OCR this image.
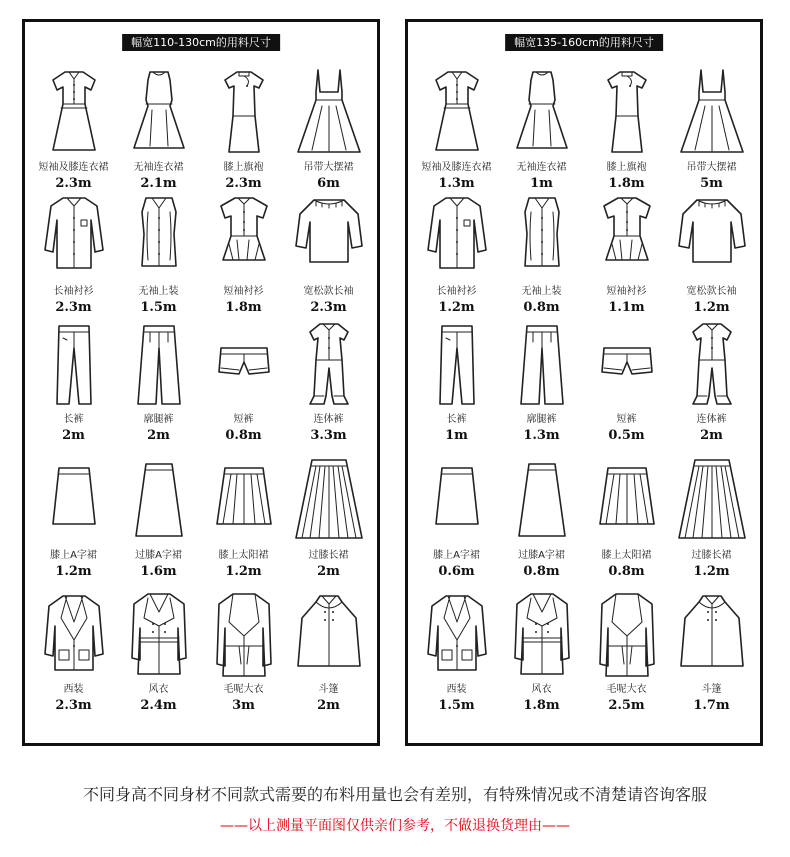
幅宽110-130cm的用料尺寸
短袖及膝连衣裙
2.3m
无袖连衣裙
2.1m
膝上旗袍
2.3m
吊带大摆裙
6m
长袖衬衫
2.3m
无袖上装
1.5m
短袖衬衫
1.8m
宽松款长袖
2.3m
长裤
2m
廓腿裤
2m
短裤
0.8m
连体裤
3.3m
膝上A字裙
1.2m
过膝A字裙
1.6m
膝上太阳裙
1.2m
过膝长裙
2m
西装
2.3m
风衣
2.4m
毛呢大衣
3m
斗篷
2m
幅宽135-160cm的用料尺寸
短袖及膝连衣裙
1.3m
无袖连衣裙
1m
膝上旗袍
1.8m
吊带大摆裙
5m
长袖衬衫
1.2m
无袖上装
0.8m
短袖衬衫
1.1m
宽松款长袖
1.2m
长裤
1m
廓腿裤
1.3m
短裤
0.5m
连体裤
2m
膝上A字裙
0.6m
过膝A字裙
0.8m
膝上太阳裙
0.8m
过膝长裙
1.2m
西装
1.5m
风衣
1.8m
毛呢大衣
2.5m
斗篷
1.7m
不同身高不同身材不同款式需要的布料用量也会有差别，有特殊情况或不清楚请咨询客服
——以上测量平面图仅供亲们参考，不做退换货理由——
